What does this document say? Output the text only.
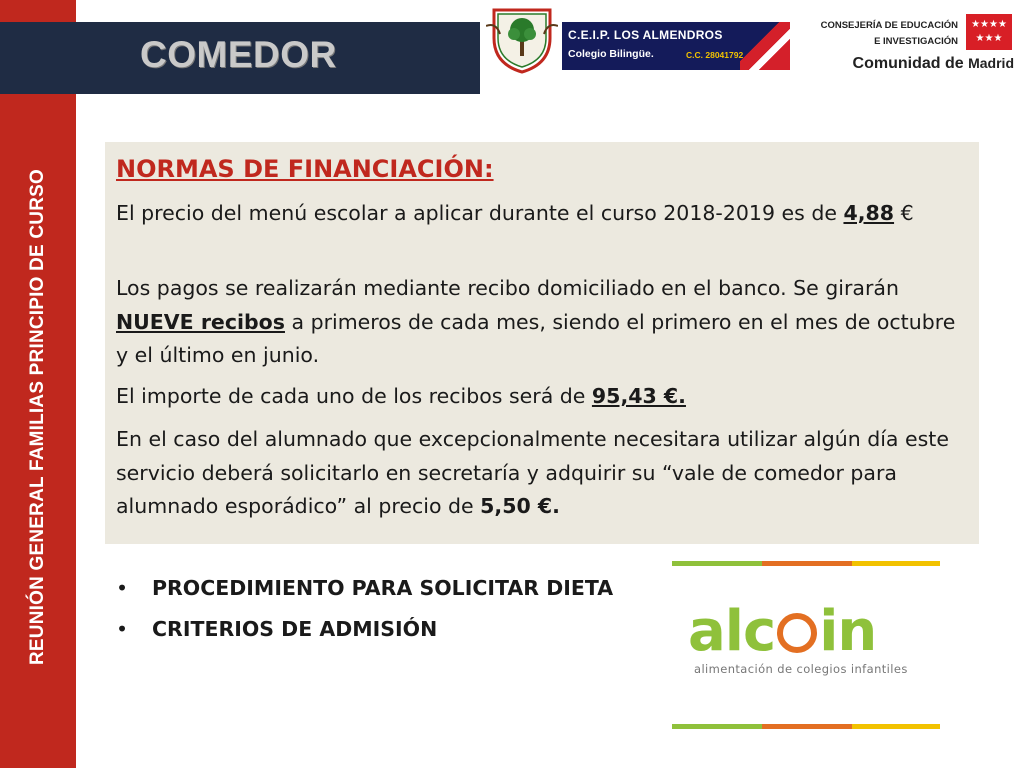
REUNIÓN GENERAL FAMILIAS PRINCIPIO DE CURSO
COMEDOR	C.E.I.P. LOS ALMENDROS
Colegio Bilingüe.	C.C. 28041792
CONSEJERÍA DE EDUCACIÓN
E INVESTIGACIÓN
★★★★ ★★★
Comunidad de Madrid
NORMAS DE FINANCIACIÓN:

El precio del menú escolar a aplicar durante el curso 2018-2019 es de 4,88 €

Los pagos se realizarán mediante recibo domiciliado en el banco. Se girarán NUEVE recibos a primeros de cada mes, siendo el primero en el mes de octubre y el último en junio.

El importe de cada uno de los recibos será de 95,43 €.

En el caso del alumnado que excepcionalmente necesitara utilizar algún día este servicio deberá solicitarlo en secretaría y adquirir su “vale de comedor para alumnado esporádico” al precio de 5,50 €.

• PROCEDIMIENTO PARA SOLICITAR DIETA
• CRITERIOS DE ADMISIÓN	alc in
alimentación de colegios infantiles
